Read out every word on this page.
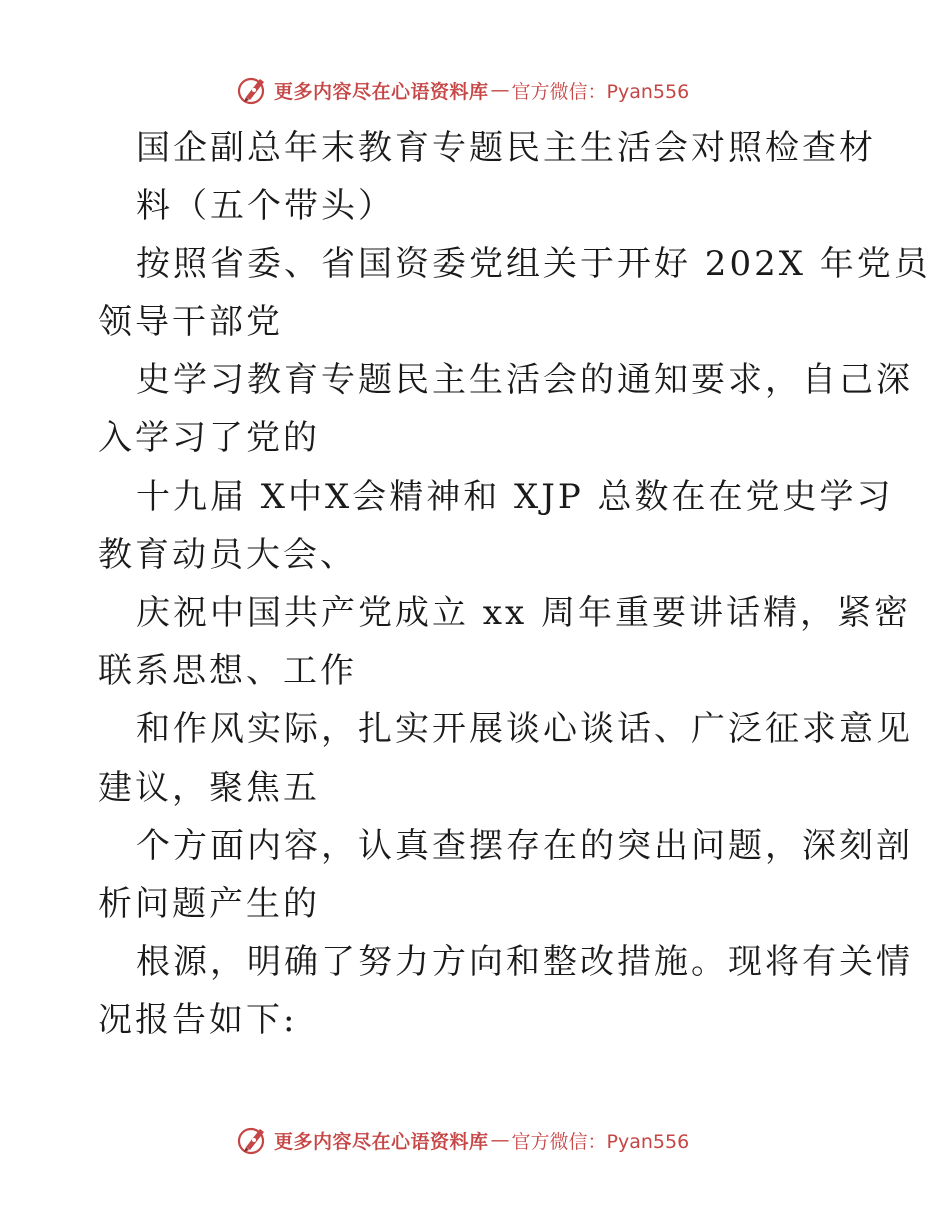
更多内容尽在心语资料库 — 官方微信：Pyan556
国企副总年末教育专题民主生活会对照检查材
料（五个带头）
按照省委、省国资委党组关于开好 202X 年党员
领导干部党
史学习教育专题民主生活会的通知要求，自己深
入学习了党的
十九届 X中X会精神和 XJP 总数在在党史学习
教育动员大会、
庆祝中国共产党成立 xx 周年重要讲话精，紧密
联系思想、工作
和作风实际，扎实开展谈心谈话、广泛征求意见
建议，聚焦五
个方面内容，认真查摆存在的突出问题，深刻剖
析问题产生的
根源，明确了努力方向和整改措施。现将有关情
况报告如下:
更多内容尽在心语资料库 — 官方微信：Pyan556
